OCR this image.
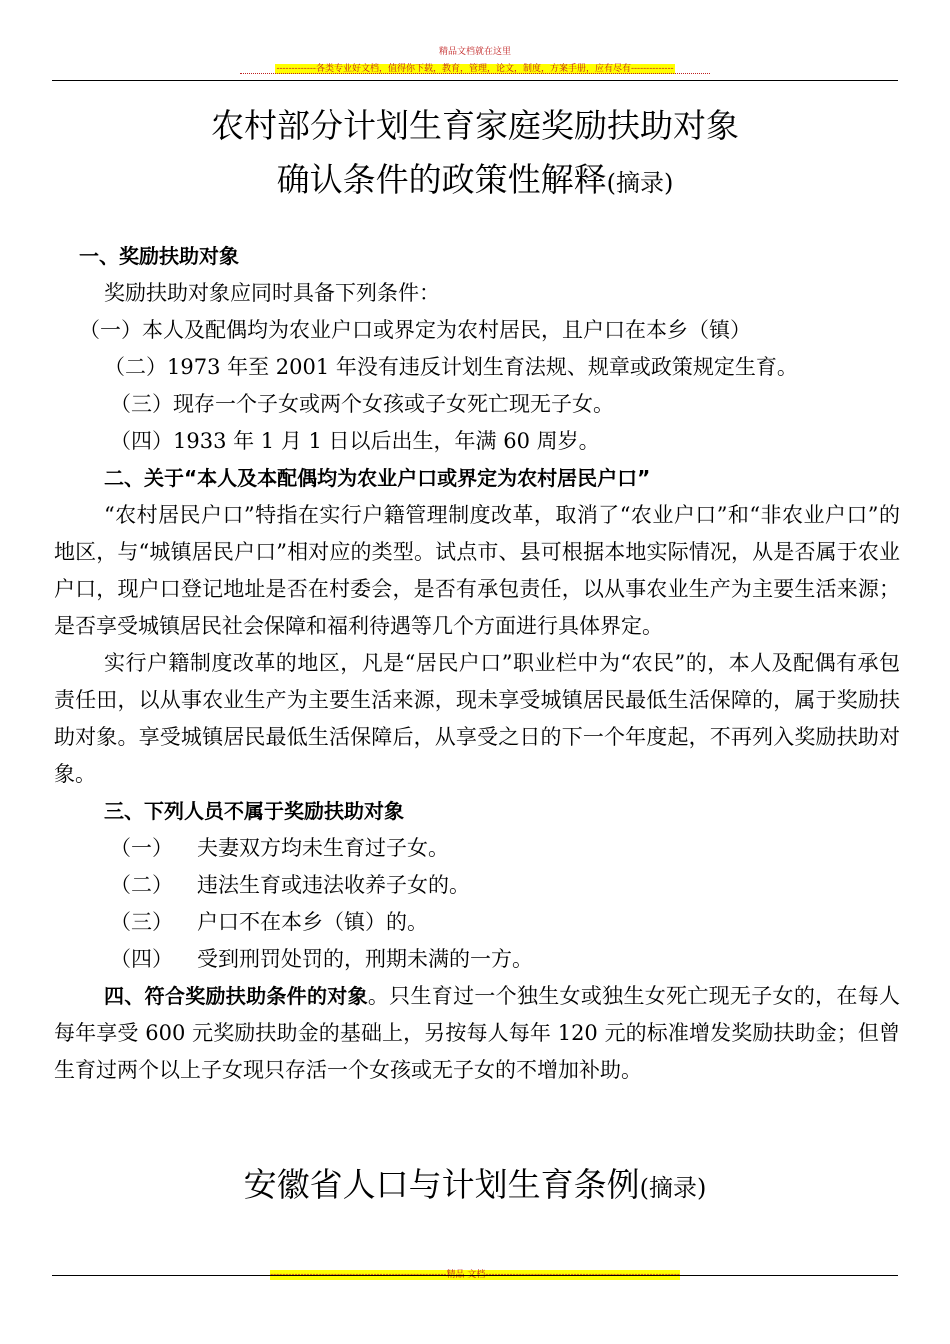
精品文档就在这里
-------------各类专业好文档，值得你下载，教育，管理，论文，制度，方案手册，应有尽有--------------
农村部分计划生育家庭奖励扶助对象
确认条件的政策性解释(摘录)

一、奖励扶助对象

奖励扶助对象应同时具备下列条件：

（一）本人及配偶均为农业户口或界定为农村居民，且户口在本乡（镇）

（二）1973 年至 2001 年没有违反计划生育法规、规章或政策规定生育。

（三）现存一个子女或两个女孩或子女死亡现无子女。

（四）1933 年 1 月 1 日以后出生，年满 60 周岁。

二、关于“本人及本配偶均为农业户口或界定为农村居民户口”

“农村居民户口”特指在实行户籍管理制度改革，取消了“农业户口”和“非农业户口”的地区，与“城镇居民户口”相对应的类型。试点市、县可根据本地实际情况，从是否属于农业户口，现户口登记地址是否在村委会，是否有承包责任，以从事农业生产为主要生活来源；是否享受城镇居民社会保障和福利待遇等几个方面进行具体界定。

实行户籍制度改革的地区，凡是“居民户口”职业栏中为“农民”的，本人及配偶有承包责任田，以从事农业生产为主要生活来源，现未享受城镇居民最低生活保障的，属于奖励扶助对象。享受城镇居民最低生活保障后，从享受之日的下一个年度起，不再列入奖励扶助对象。

三、下列人员不属于奖励扶助对象

（一） 夫妻双方均未生育过子女。

（二） 违法生育或违法收养子女的。

（三） 户口不在本乡（镇）的。

（四） 受到刑罚处罚的，刑期未满的一方。

四、符合奖励扶助条件的对象。只生育过一个独生女或独生女死亡现无子女的，在每人每年享受 600 元奖励扶助金的基础上，另按每人每年 120 元的标准增发奖励扶助金；但曾生育过两个以上子女现只存活一个女孩或无子女的不增加补助。

安徽省人口与计划生育条例(摘录)
----------------------------------------------------------精品 文档----------------------------------------------------------------
